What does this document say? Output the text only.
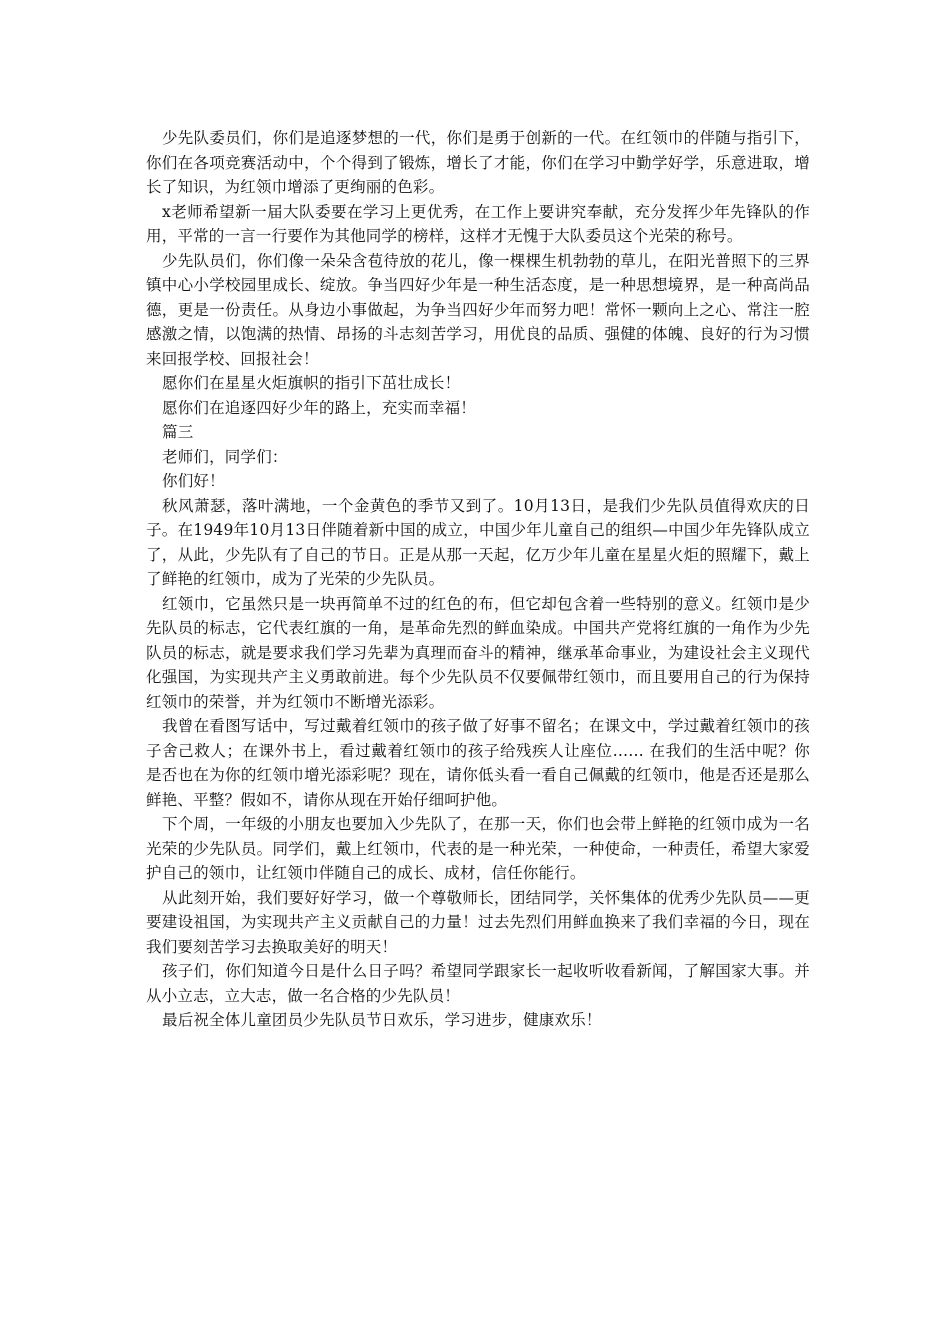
少先队委员们，你们是追逐梦想的一代，你们是勇于创新的一代。在红领巾的伴随与指引下，你们在各项竞赛活动中，个个得到了锻炼，增长了才能，你们在学习中勤学好学，乐意进取，增长了知识，为红领巾增添了更绚丽的色彩。

x老师希望新一届大队委要在学习上更优秀，在工作上要讲究奉献，充分发挥少年先锋队的作用，平常的一言一行要作为其他同学的榜样，这样才无愧于大队委员这个光荣的称号。

少先队员们，你们像一朵朵含苞待放的花儿，像一棵棵生机勃勃的草儿，在阳光普照下的三界镇中心小学校园里成长、绽放。争当四好少年是一种生活态度，是一种思想境界，是一种高尚品德，更是一份责任。从身边小事做起，为争当四好少年而努力吧！常怀一颗向上之心、常注一腔感激之情，以饱满的热情、昂扬的斗志刻苦学习，用优良的品质、强健的体魄、良好的行为习惯来回报学校、回报社会！

愿你们在星星火炬旗帜的指引下茁壮成长！

愿你们在追逐四好少年的路上，充实而幸福！

篇三

老师们，同学们：

你们好！

秋风萧瑟，落叶满地，一个金黄色的季节又到了。10月13日，是我们少先队员值得欢庆的日子。在1949年10月13日伴随着新中国的成立，中国少年儿童自己的组织—中国少年先锋队成立了，从此，少先队有了自己的节日。正是从那一天起，亿万少年儿童在星星火炬的照耀下，戴上了鲜艳的红领巾，成为了光荣的少先队员。

红领巾，它虽然只是一块再简单不过的红色的布，但它却包含着一些特别的意义。红领巾是少先队员的标志，它代表红旗的一角，是革命先烈的鲜血染成。中国共产党将红旗的一角作为少先队员的标志，就是要求我们学习先辈为真理而奋斗的精神，继承革命事业，为建设社会主义现代化强国，为实现共产主义勇敢前进。每个少先队员不仅要佩带红领巾，而且要用自己的行为保持红领巾的荣誉，并为红领巾不断增光添彩。

我曾在看图写话中，写过戴着红领巾的孩子做了好事不留名；在课文中，学过戴着红领巾的孩子舍己救人；在课外书上，看过戴着红领巾的孩子给残疾人让座位…… 在我们的生活中呢？你是否也在为你的红领巾增光添彩呢？现在，请你低头看一看自己佩戴的红领巾，他是否还是那么鲜艳、平整？假如不，请你从现在开始仔细呵护他。

下个周，一年级的小朋友也要加入少先队了，在那一天，你们也会带上鲜艳的红领巾成为一名光荣的少先队员。同学们，戴上红领巾，代表的是一种光荣，一种使命，一种责任，希望大家爱护自己的领巾，让红领巾伴随自己的成长、成材，信任你能行。

从此刻开始，我们要好好学习，做一个尊敬师长，团结同学，关怀集体的优秀少先队员——更要建设祖国，为实现共产主义贡献自己的力量！过去先烈们用鲜血换来了我们幸福的今日，现在我们要刻苦学习去换取美好的明天！

孩子们，你们知道今日是什么日子吗？希望同学跟家长一起收听收看新闻，了解国家大事。并从小立志，立大志，做一名合格的少先队员！

最后祝全体儿童团员少先队员节日欢乐，学习进步，健康欢乐！
